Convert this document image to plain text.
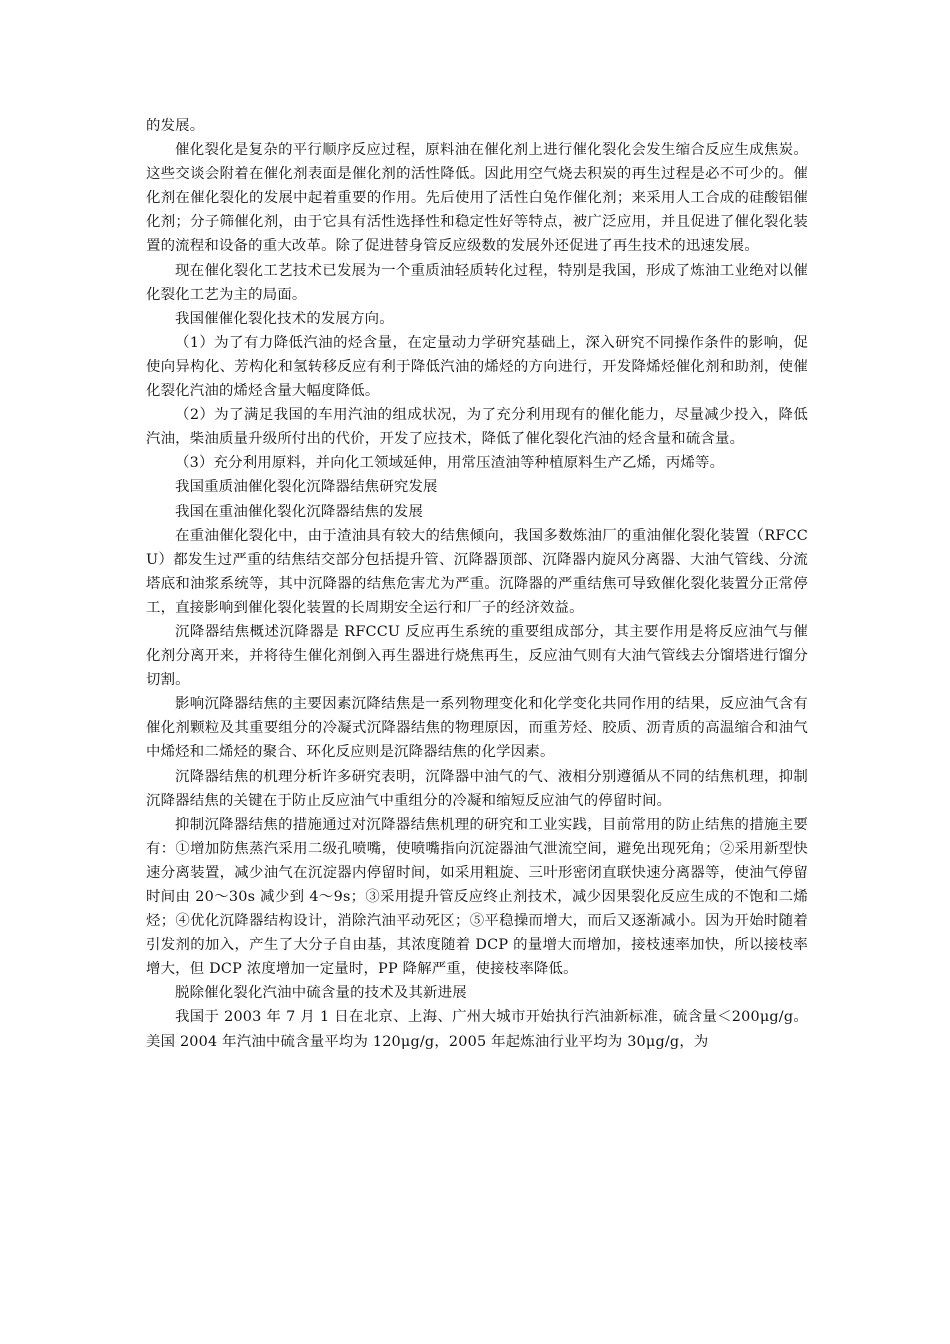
的发展。

催化裂化是复杂的平行顺序反应过程，原料油在催化剂上进行催化裂化会发生缩合反应生成焦炭。这些交谈会附着在催化剂表面是催化剂的活性降低。因此用空气烧去积炭的再生过程是必不可少的。催化剂在催化裂化的发展中起着重要的作用。先后使用了活性白兔作催化剂；来采用人工合成的硅酸铝催化剂；分子筛催化剂，由于它具有活性选择性和稳定性好等特点，被广泛应用，并且促进了催化裂化装置的流程和设备的重大改革。除了促进替身管反应级数的发展外还促进了再生技术的迅速发展。

现在催化裂化工艺技术已发展为一个重质油轻质转化过程，特别是我国，形成了炼油工业绝对以催化裂化工艺为主的局面。

我国催催化裂化技术的发展方向。

（1）为了有力降低汽油的烃含量，在定量动力学研究基础上，深入研究不同操作条件的影响，促使向异构化、芳构化和氢转移反应有利于降低汽油的烯烃的方向进行，开发降烯烃催化剂和助剂，使催化裂化汽油的烯烃含量大幅度降低。

（2）为了满足我国的车用汽油的组成状况，为了充分利用现有的催化能力，尽量减少投入，降低汽油，柴油质量升级所付出的代价，开发了应技术，降低了催化裂化汽油的烃含量和硫含量。

（3）充分利用原料，并向化工领域延伸，用常压渣油等种植原料生产乙烯，丙烯等。

我国重质油催化裂化沉降器结焦研究发展

我国在重油催化裂化沉降器结焦的发展

在重油催化裂化中，由于渣油具有较大的结焦倾向，我国多数炼油厂的重油催化裂化装置（RFCCU）都发生过严重的结焦结交部分包括提升管、沉降器顶部、沉降器内旋风分离器、大油气管线、分流塔底和油浆系统等，其中沉降器的结焦危害尤为严重。沉降器的严重结焦可导致催化裂化装置分正常停工，直接影响到催化裂化装置的长周期安全运行和厂子的经济效益。

沉降器结焦概述沉降器是 RFCCU 反应再生系统的重要组成部分，其主要作用是将反应油气与催化剂分离开来，并将待生催化剂倒入再生器进行烧焦再生，反应油气则有大油气管线去分馏塔进行馏分切割。

影响沉降器结焦的主要因素沉降结焦是一系列物理变化和化学变化共同作用的结果，反应油气含有催化剂颗粒及其重要组分的冷凝式沉降器结焦的物理原因，而重芳烃、胶质、沥青质的高温缩合和油气中烯烃和二烯烃的聚合、环化反应则是沉降器结焦的化学因素。

沉降器结焦的机理分析许多研究表明，沉降器中油气的气、液相分别遵循从不同的结焦机理，抑制沉降器结焦的关键在于防止反应油气中重组分的冷凝和缩短反应油气的停留时间。

抑制沉降器结焦的措施通过对沉降器结焦机理的研究和工业实践，目前常用的防止结焦的措施主要有：①增加防焦蒸汽采用二级孔喷嘴，使喷嘴指向沉淀器油气泄流空间，避免出现死角；②采用新型快速分离装置，减少油气在沉淀器内停留时间，如采用粗旋、三叶形密闭直联快速分离器等，使油气停留时间由 20～30s 减少到 4～9s；③采用提升管反应终止剂技术，减少因果裂化反应生成的不饱和二烯烃；④优化沉降器结构设计，消除汽油平动死区；⑤平稳操而增大，而后又逐渐减小。因为开始时随着引发剂的加入，产生了大分子自由基，其浓度随着 DCP 的量增大而增加，接枝速率加快，所以接枝率增大，但 DCP 浓度增加一定量时，PP 降解严重，使接枝率降低。

脱除催化裂化汽油中硫含量的技术及其新进展

我国于 2003 年 7 月 1 日在北京、上海、广州大城市开始执行汽油新标准，硫含量＜200μg/g。美国 2004 年汽油中硫含量平均为 120μg/g，2005 年起炼油行业平均为 30μg/g，为
